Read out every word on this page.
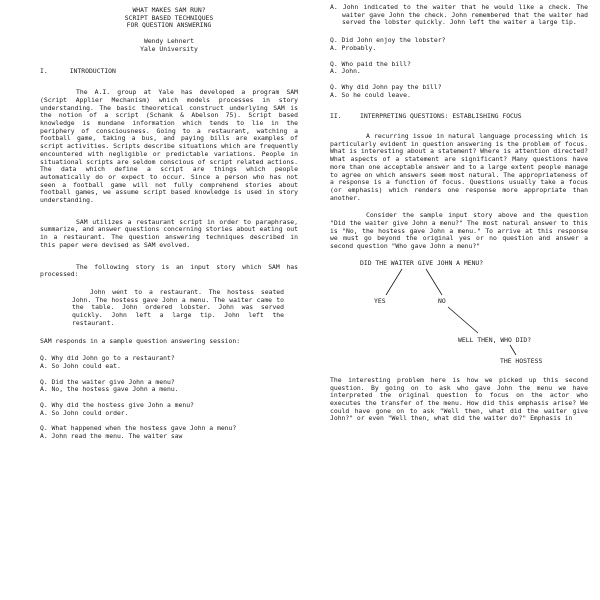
WHAT MAKES SAM RUN?

SCRIPT BASED TECHNIQUES

FOR QUESTION ANSWERING

Wendy Lehnert

Yale University

I.	INTRODUCTION

The A.I. group at Yale has developed a program SAM (Script Applier Mechanism) which models processes in story understanding. The basic theoretical construct underlying SAM is the notion of a script (Schank & Abelson 75). Script based knowledge is mundane information which tends to lie in the periphery of consciousness. Going to a restaurant, watching a football game, taking a bus, and paying bills are examples of script activities. Scripts describe situations which are frequently encountered with negligible or predictable variations. People in situational scripts are seldom conscious of script related actions. The data which define a script are things which people automatically do or expect to occur. Since a person who has not seen a football game will not fully comprehend stories about football games, we assume script based knowledge is used in story understanding.

SAM utilizes a restaurant script in order to paraphrase, summarize, and answer questions concerning stories about eating out in a restaurant. The question answering techniques described in this paper were devised as SAM evolved.

The following story is an input story which SAM has processed:

John went to a restaurant. The hostess seated John. The hostess gave John a menu. The waiter came to the table. John ordered lobster. John was served quickly. John left a large tip. John left the restaurant.

SAM responds in a sample question answering session:

Q. Why did John go to a restaurant?

A. So John could eat.

Q. Did the waiter give John a menu?

A. No, the hostess gave John a menu.

Q. Why did the hostess give John a menu?

A. So John could order.

Q. What happened when the hostess gave John a menu?

A. John read the menu. The waiter saw

A. John indicated to the waiter that he would like a check. The waiter gave John the check. John remembered that the waiter had served the lobster quickly. John left the waiter a large tip.

Q. Did John enjoy the lobster?

A. Probably.

Q. Who paid the bill?

A. John.

Q. Why did John pay the bill?

A. So he could leave.

II.	INTERPRETING QUESTIONS: ESTABLISHING FOCUS

A recurring issue in natural language processing which is particularly evident in question answering is the problem of focus. What is interesting about a statement? Where is attention directed? What aspects of a statement are significant? Many questions have more than one acceptable answer and to a large extent people manage to agree on which answers seem most natural. The appropriateness of a response is a function of focus. Questions usually take a focus (or emphasis) which renders one response more appropriate than another.

Consider the sample input story above and the question "Did the waiter give John a menu?" The most natural answer to this is "No, the hostess gave John a menu." To arrive at this response we must go beyond the original yes or no question and answer a second question "Who gave John a menu?"

DID THE WAITER GIVE JOHN A MENU?
YES	NO
WELL THEN, WHO DID?
THE HOSTESS

The interesting problem here is how we picked up this second question. By going on to ask who gave John the menu we have interpreted the original question to focus on the actor who executes the transfer of the menu. How did this emphasis arise? We could have gone on to ask "Well then, what did the waiter give John?" or even "Well then, what did the waiter do?" Emphasis in
